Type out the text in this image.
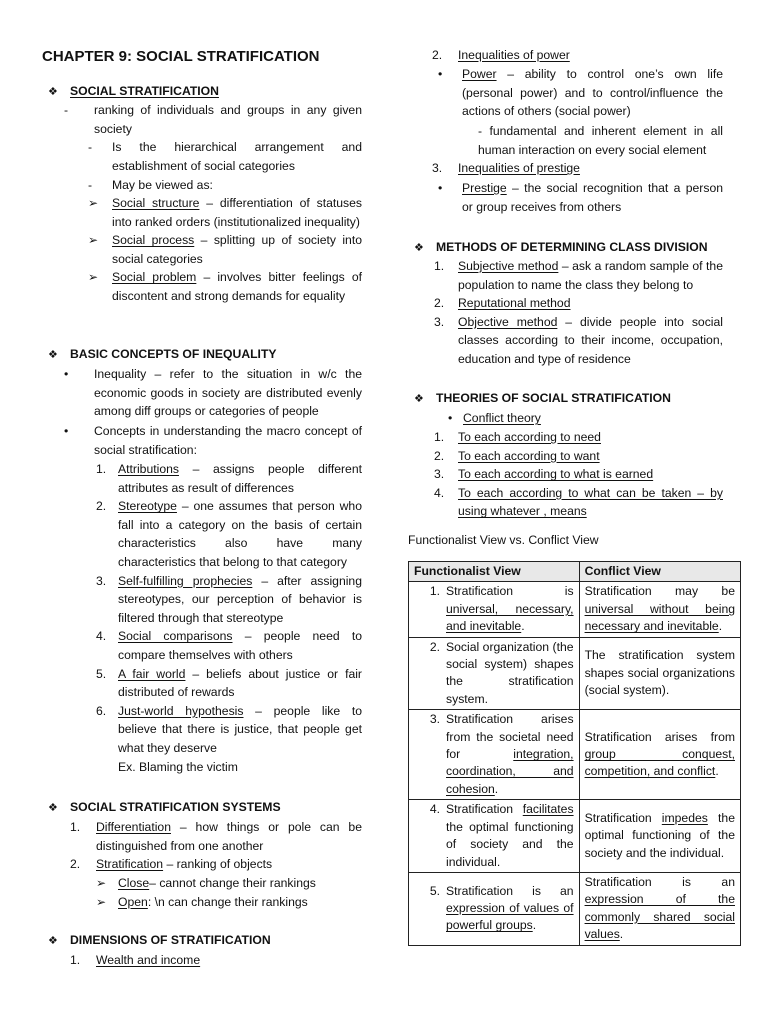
CHAPTER 9: SOCIAL STRATIFICATION
❖ SOCIAL STRATIFICATION
-	ranking of individuals and groups in any given society
-	Is the hierarchical arrangement and establishment of social categories
-	May be viewed as:
➢	Social structure – differentiation of statuses into ranked orders (institutionalized inequality)
➢	Social process – splitting up of society into social categories
➢	Social problem – involves bitter feelings of discontent and strong demands for equality
❖ BASIC CONCEPTS OF INEQUALITY
•	Inequality – refer to the situation in w/c the economic goods in society are distributed evenly among diff groups or categories of people
•	Concepts in understanding the macro concept of social stratification:
1. Attributions – assigns people different attributes as result of differences
2. Stereotype – one assumes that person who fall into a category on the basis of certain characteristics also have many characteristics that belong to that category
3. Self-fulfilling prophecies – after assigning stereotypes, our perception of behavior is filtered through that stereotype
4. Social comparisons – people need to compare themselves with others
5. A fair world – beliefs about justice or fair distributed of rewards
6. Just-world hypothesis – people like to believe that there is justice, that people get what they deserve
Ex. Blaming the victim
❖ SOCIAL STRATIFICATION SYSTEMS
1.	Differentiation – how things or pole can be distinguished from one another
2.	Stratification – ranking of objects
➢ Close– cannot change their rankings
➢ Open: \n can change their rankings
❖ DIMENSIONS OF STRATIFICATION
1.	Wealth and income
2.	Inequalities of power
•	Power – ability to control one’s own life (personal power) and to control/influence the actions of others (social power)
- fundamental and inherent element in all human interaction on every social element
3.	Inequalities of prestige
•	Prestige – the social recognition that a person or group receives from others
❖ METHODS OF DETERMINING CLASS DIVISION
1.	Subjective method – ask a random sample of the population to name the class they belong to
2.	Reputational method
3.	Objective method – divide people into social classes according to their income, occupation, education and type of residence
❖ THEORIES OF SOCIAL STRATIFICATION
• Conflict theory
1.	To each according to need
2.	To each according to want
3.	To each according to what is earned
4.	To each according to what can be taken – by using whatever , means
Functionalist View vs. Conflict View
Functionalist View	Conflict View

1. Stratification is universal, necessary, and inevitable.	Stratification may be universal without being necessary and inevitable.

2. Social organization (the social system) shapes the stratification system.	The stratification system shapes social organizations (social system).

3. Stratification arises from the societal need for integration, coordination, and cohesion.	Stratification arises from group conquest, competition, and conflict.

4. Stratification facilitates the optimal functioning of society and the individual.	Stratification impedes the optimal functioning of the society and the individual.

5. Stratification is an expression of values of powerful groups.	Stratification is an expression of the commonly shared social values.
